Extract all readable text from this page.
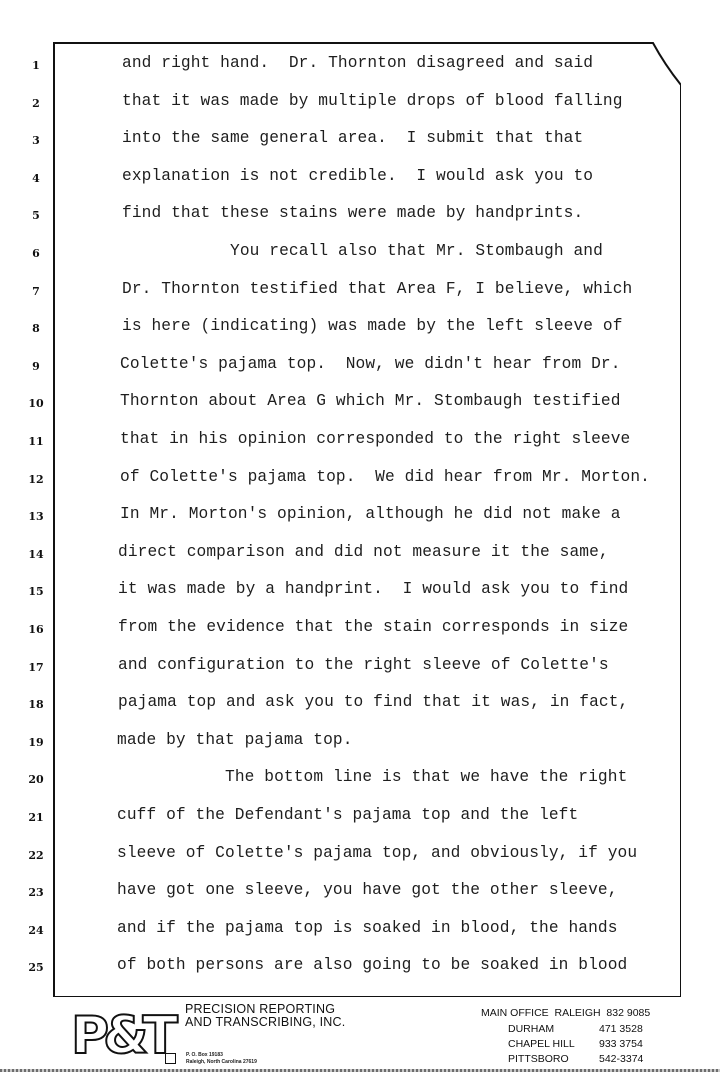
1	and right hand.  Dr. Thornton disagreed and said
2	that it was made by multiple drops of blood falling
3	into the same general area.  I submit that that
4	explanation is not credible.  I would ask you to
5	find that these stains were made by handprints.
6	You recall also that Mr. Stombaugh and
7	Dr. Thornton testified that Area F, I believe, which
8	is here (indicating) was made by the left sleeve of
9	Colette's pajama top.  Now, we didn't hear from Dr.
10	Thornton about Area G which Mr. Stombaugh testified
11	that in his opinion corresponded to the right sleeve
12	of Colette's pajama top.  We did hear from Mr. Morton.
13	In Mr. Morton's opinion, although he did not make a
14	direct comparison and did not measure it the same,
15	it was made by a handprint.  I would ask you to find
16	from the evidence that the stain corresponds in size
17	and configuration to the right sleeve of Colette's
18	pajama top and ask you to find that it was, in fact,
19	made by that pajama top.
20	The bottom line is that we have the right
21	cuff of the Defendant's pajama top and the left
22	sleeve of Colette's pajama top, and obviously, if you
23	have got one sleeve, you have got the other sleeve,
24	and if the pajama top is soaked in blood, the hands
25	of both persons are also going to be soaked in blood
P&T	PRECISION REPORTING
AND TRANSCRIBING, INC.
P. O. Box 19183
Raleigh, North Carolina 27619
MAIN OFFICE  RALEIGH  832 9085
DURHAM	471 3528
CHAPEL HILL 933 3754
PITTSBORO	542-3374
